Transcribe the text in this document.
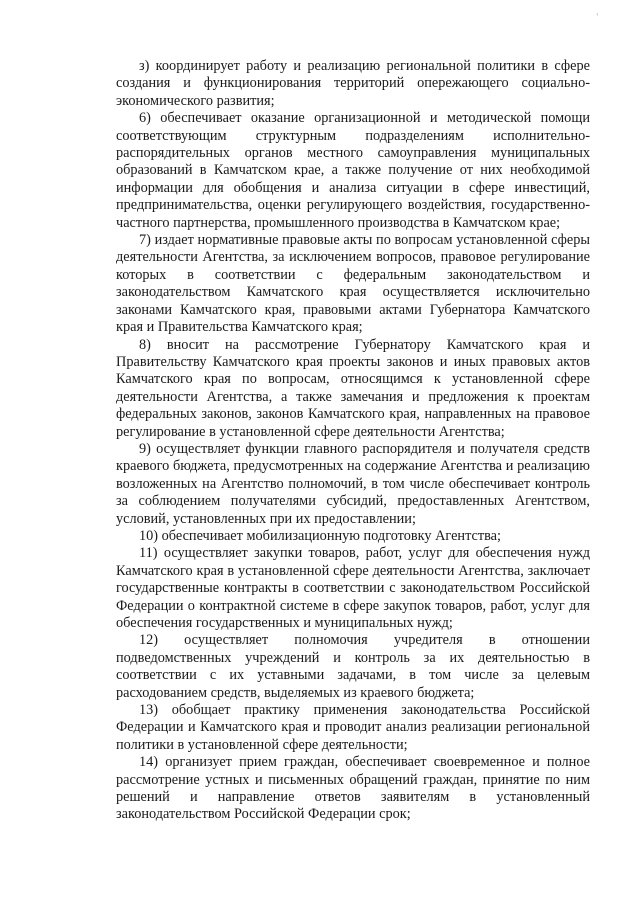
'

з) координирует работу и реализацию региональной политики в сфере создания и функционирования территорий опережающего социально-экономического развития;

6) обеспечивает оказание организационной и методической помощи соответствующим структурным подразделениям исполнительно-распорядительных органов местного самоуправления муниципальных образований в Камчатском крае, а также получение от них необходимой информации для обобщения и анализа ситуации в сфере инвестиций, предпринимательства, оценки регулирующего воздействия, государственно-частного партнерства, промышленного производства в Камчатском крае;

7) издает нормативные правовые акты по вопросам установленной сферы деятельности Агентства, за исключением вопросов, правовое регулирование которых в соответствии с федеральным законодательством и законодательством Камчатского края осуществляется исключительно законами Камчатского края, правовыми актами Губернатора Камчатского края и Правительства Камчатского края;

8) вносит на рассмотрение Губернатору Камчатского края и Правительству Камчатского края проекты законов и иных правовых актов Камчатского края по вопросам, относящимся к установленной сфере деятельности Агентства, а также замечания и предложения к проектам федеральных законов, законов Камчатского края, направленных на правовое регулирование в установленной сфере деятельности Агентства;

9) осуществляет функции главного распорядителя и получателя средств краевого бюджета, предусмотренных на содержание Агентства и реализацию возложенных на Агентство полномочий, в том числе обеспечивает контроль за соблюдением получателями субсидий, предоставленных Агентством, условий, установленных при их предоставлении;

10) обеспечивает мобилизационную подготовку Агентства;

11) осуществляет закупки товаров, работ, услуг для обеспечения нужд Камчатского края в установленной сфере деятельности Агентства, заключает государственные контракты в соответствии с законодательством Российской Федерации о контрактной системе в сфере закупок товаров, работ, услуг для обеспечения государственных и муниципальных нужд;

12) осуществляет полномочия учредителя в отношении подведомственных учреждений и контроль за их деятельностью в соответствии с их уставными задачами, в том числе за целевым расходованием средств, выделяемых из краевого бюджета;

13) обобщает практику применения законодательства Российской Федерации и Камчатского края и проводит анализ реализации региональной политики в установленной сфере деятельности;

14) организует прием граждан, обеспечивает своевременное и полное рассмотрение устных и письменных обращений граждан, принятие по ним решений и направление ответов заявителям в установленный законодательством Российской Федерации срок;
